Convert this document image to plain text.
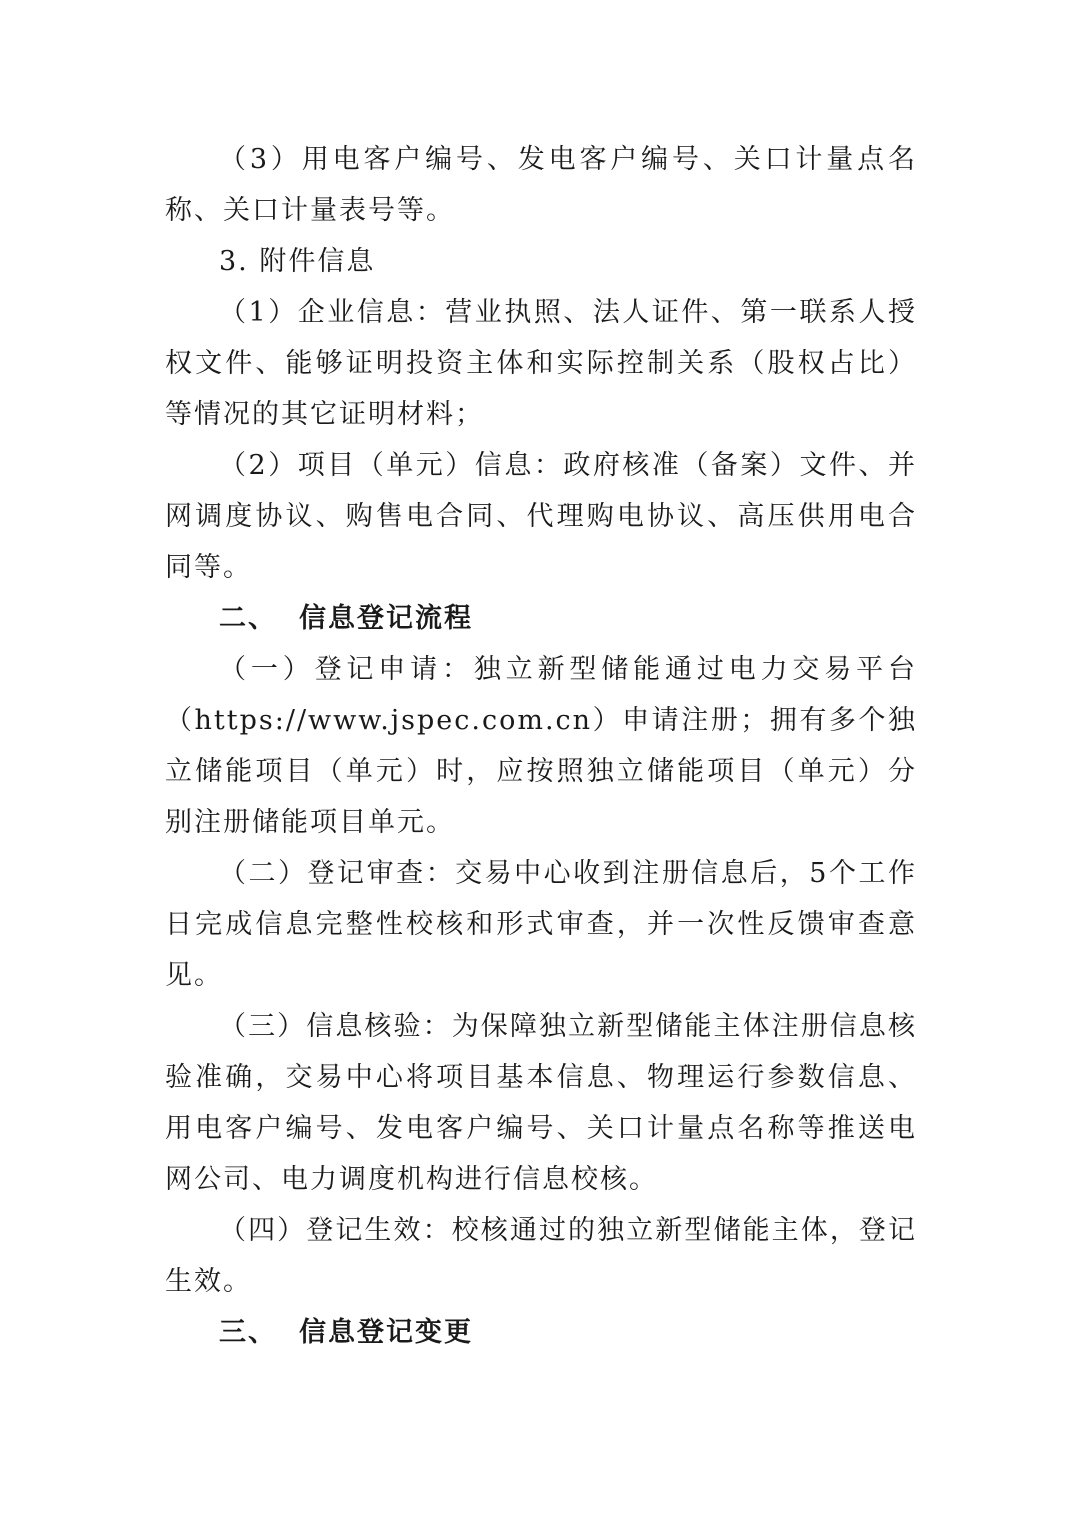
（3）用电客户编号、发电客户编号、关口计量点名称、关口计量表号等。

3. 附件信息

（1）企业信息：营业执照、法人证件、第一联系人授权文件、能够证明投资主体和实际控制关系（股权占比）等情况的其它证明材料；

（2）项目（单元）信息：政府核准（备案）文件、并网调度协议、购售电合同、代理购电协议、高压供用电合同等。

二、 信息登记流程

（一）登记申请：独立新型储能通过电力交易平台（https://www.jspec.com.cn）申请注册；拥有多个独立储能项目（单元）时，应按照独立储能项目（单元）分别注册储能项目单元。

（二）登记审查：交易中心收到注册信息后，5个工作日完成信息完整性校核和形式审查，并一次性反馈审查意见。

（三）信息核验：为保障独立新型储能主体注册信息核验准确，交易中心将项目基本信息、物理运行参数信息、用电客户编号、发电客户编号、关口计量点名称等推送电网公司、电力调度机构进行信息校核。

（四）登记生效：校核通过的独立新型储能主体，登记生效。

三、 信息登记变更
